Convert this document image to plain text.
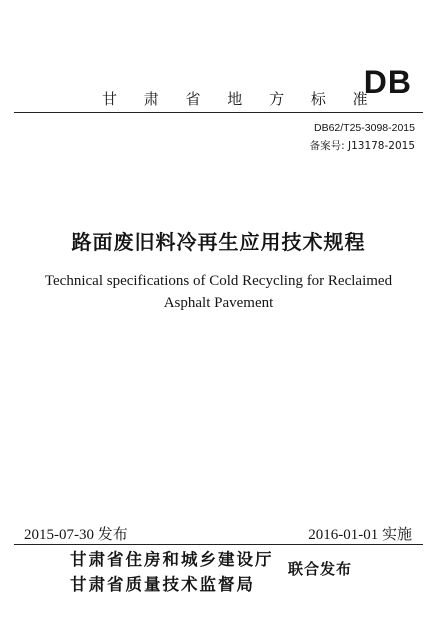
甘 肃 省 地 方 标 准
DB
DB62/T25-3098-2015
备案号: J13178-2015
路面废旧料冷再生应用技术规程
Technical specifications of Cold Recycling for Reclaimed
Asphalt Pavement
2015-07-30 发布	2016-01-01 实施
甘肃省住房和城乡建设厅
甘肃省质量技术监督局
联合发布
